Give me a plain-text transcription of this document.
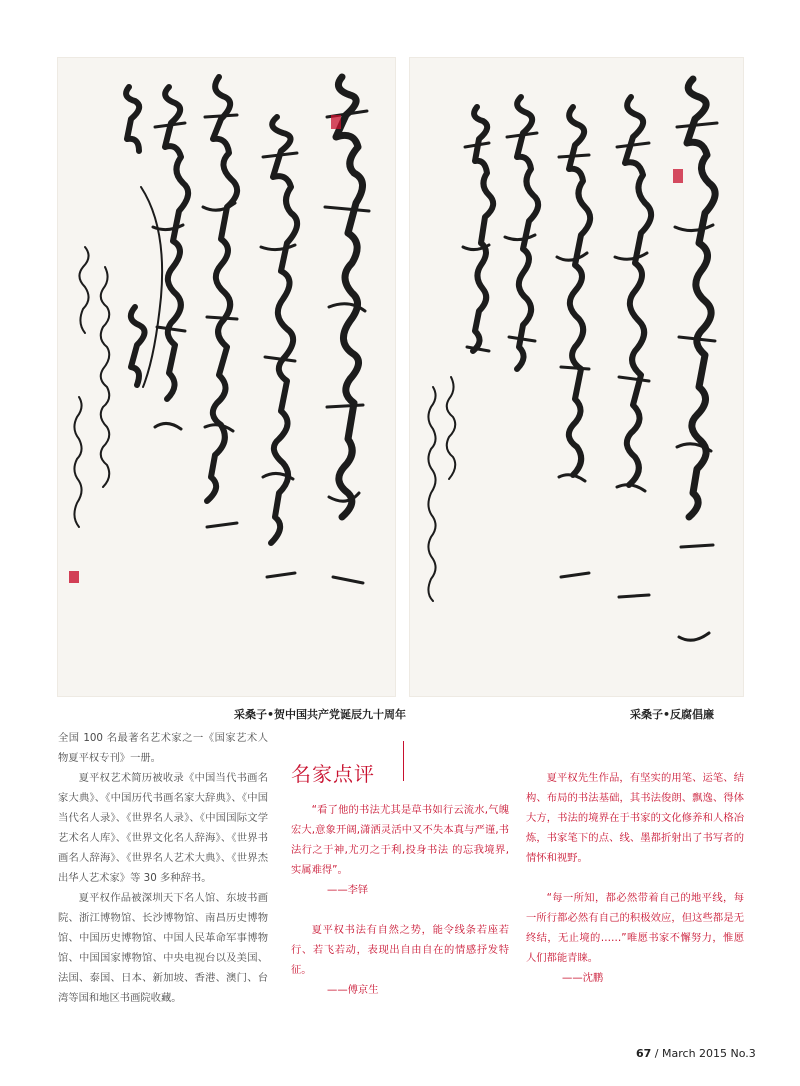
采桑子•贺中国共产党诞辰九十周年	采桑子•反腐倡廉

全国 100 名最著名艺术家之一《国家艺术人物夏平权专刊》一册。

夏平权艺术简历被收录《中国当代书画名家大典》、《中国历代书画名家大辞典》、《中国当代名人录》、《世界名人录》、《中国国际文学艺术名人库》、《世界文化名人辞海》、《世界书画名人辞海》、《世界名人艺术大典》、《世界杰出华人艺术家》等 30 多种辞书。

夏平权作品被深圳天下名人馆、东坡书画院、浙江博物馆、长沙博物馆、南昌历史博物馆、中国历史博物馆、中国人民革命军事博物馆、中国国家博物馆、中央电视台以及美国、法国、泰国、日本、新加坡、香港、澳门、台湾等国和地区书画院收藏。

名家点评

“看了他的书法尤其是草书如行云流水,气魄宏大,意象开阔,潇洒灵活中又不失本真与严谨,书法行之于神,尤刃之于利,投身书法 的忘我境界,实属难得”。

——李铎

夏平权书法有自然之势，能令线条若座若行、若飞若动，表现出自由自在的情感抒发特征。

——傅京生

夏平权先生作品，有坚实的用笔、运笔、结构、布局的书法基础，其书法俊朗、飘逸、得体大方，书法的境界在于书家的文化修养和人格冶炼，书家笔下的点、线、墨都折射出了书写者的情怀和视野。

“每一所知，都必然带着自己的地平线，每一所行都必然有自己的积极效应，但这些都是无终结，无止境的……”唯愿书家不懈努力，惟愿人们都能青睐。

——沈鹏

67 / March 2015 No.3
